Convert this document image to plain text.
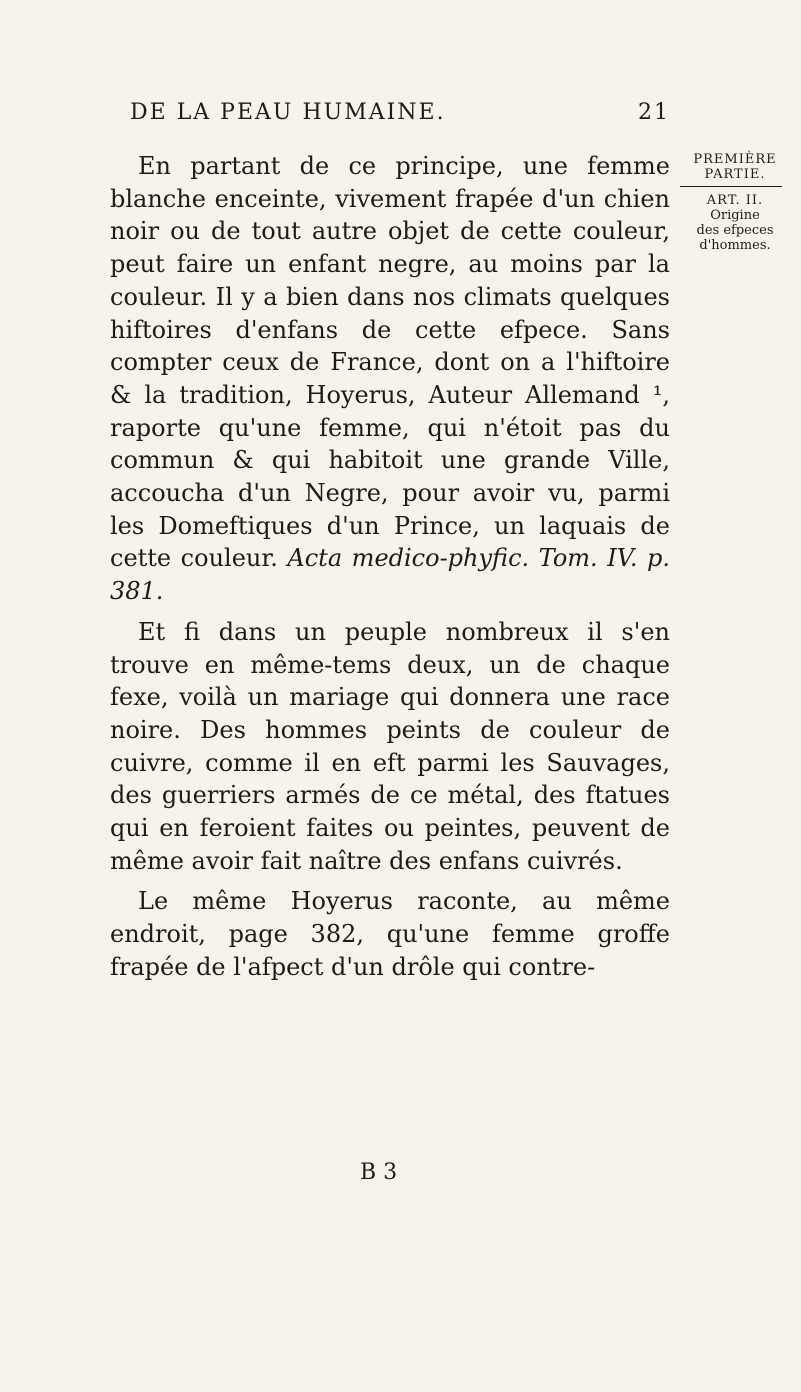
DE LA PEAU HUMAINE.	21

En partant de ce principe, une femme blanche enceinte, vivement frapée d'un chien noir ou de tout autre objet de cette couleur, peut faire un enfant negre, au moins par la couleur. Il y a bien dans nos climats quelques hiftoires d'enfans de cette efpece. Sans compter ceux de France, dont on a l'hiftoire & la tradition, Hoyerus, Auteur Allemand ¹, raporte qu'une femme, qui n'étoit pas du commun & qui habitoit une grande Ville, accoucha d'un Negre, pour avoir vu, parmi les Domeftiques d'un Prince, un laquais de cette couleur. Acta medico-phyfic. Tom. IV. p. 381.

Et fi dans un peuple nombreux il s'en trouve en même-tems deux, un de chaque fexe, voilà un mariage qui donnera une race noire. Des hommes peints de couleur de cuivre, comme il en eft parmi les Sauvages, des guerriers armés de ce métal, des ftatues qui en feroient faites ou peintes, peuvent de même avoir fait naître des enfans cuivrés.

Le même Hoyerus raconte, au même endroit, page 382, qu'une femme groffe frapée de l'afpect d'un drôle qui contre-

PREMIÈRE PARTIE.
ART. II.
Origine
des efpeces
d'hommes.
B 3
